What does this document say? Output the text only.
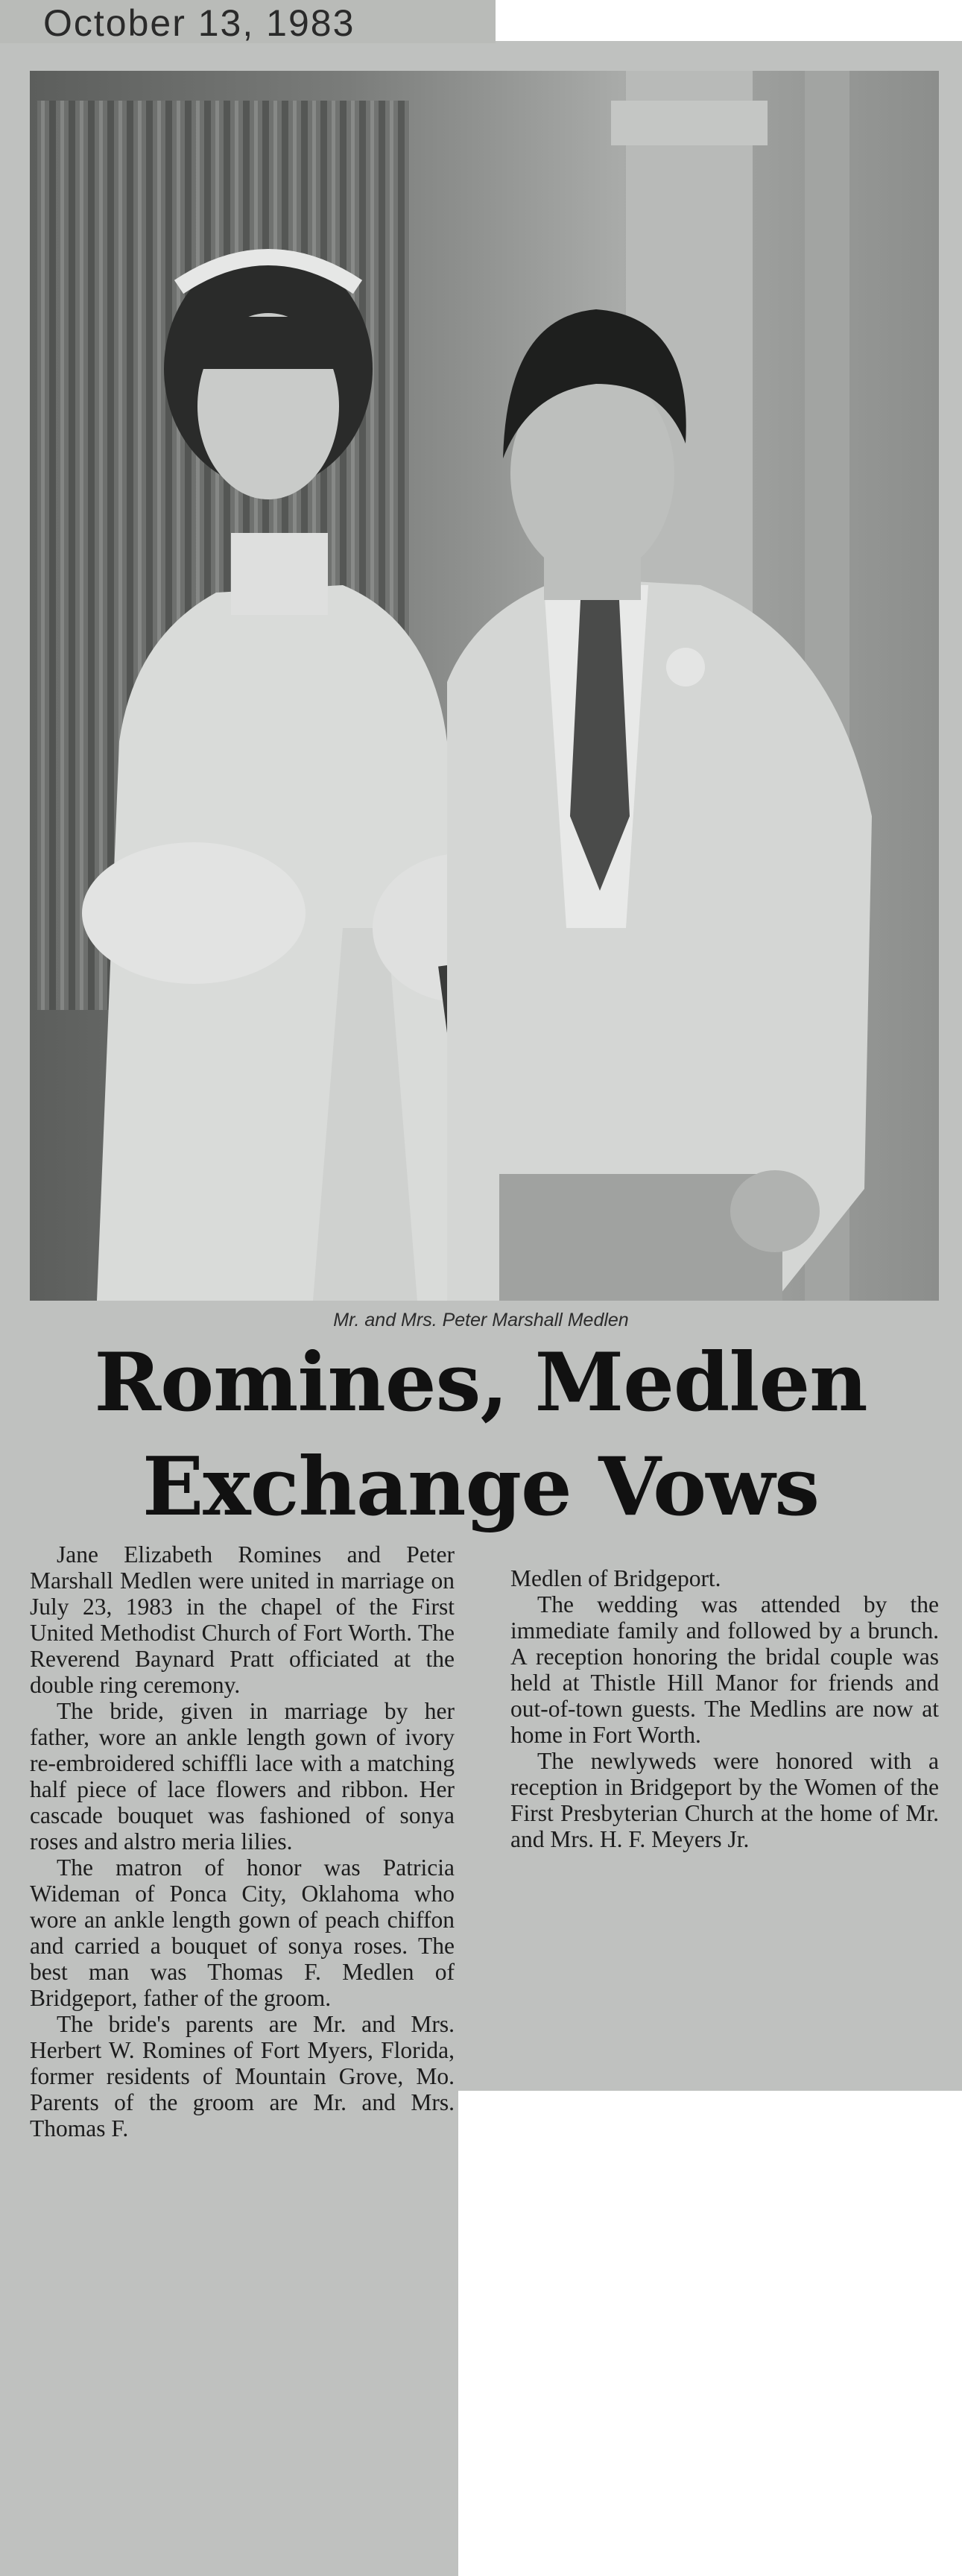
October 13, 1983
Mr. and Mrs. Peter Marshall Medlen
Romines, Medlen
Exchange Vows

Jane Elizabeth Romines and Peter Marshall Medlen were united in marriage on July 23, 1983 in the chapel of the First United Methodist Church of Fort Worth. The Reverend Baynard Pratt officiated at the double ring ceremony.

The bride, given in marriage by her father, wore an ankle length gown of ivory re-embroidered schiffli lace with a matching half piece of lace flowers and ribbon. Her cascade bouquet was fashioned of sonya roses and alstro meria lilies.

The matron of honor was Patricia Wideman of Ponca City, Oklahoma who wore an ankle length gown of peach chiffon and carried a bouquet of sonya roses. The best man was Thomas F. Medlen of Bridgeport, father of the groom.

The bride's parents are Mr. and Mrs. Herbert W. Romines of Fort Myers, Florida, former residents of Mountain Grove, Mo. Parents of the groom are Mr. and Mrs. Thomas F.

Medlen of Bridgeport.

The wedding was attended by the immediate family and followed by a brunch. A reception honoring the bridal couple was held at Thistle Hill Manor for friends and out-of-town guests. The Medlins are now at home in Fort Worth.

The newlyweds were honored with a reception in Bridgeport by the Women of the First Presbyterian Church at the home of Mr. and Mrs. H. F. Meyers Jr.
